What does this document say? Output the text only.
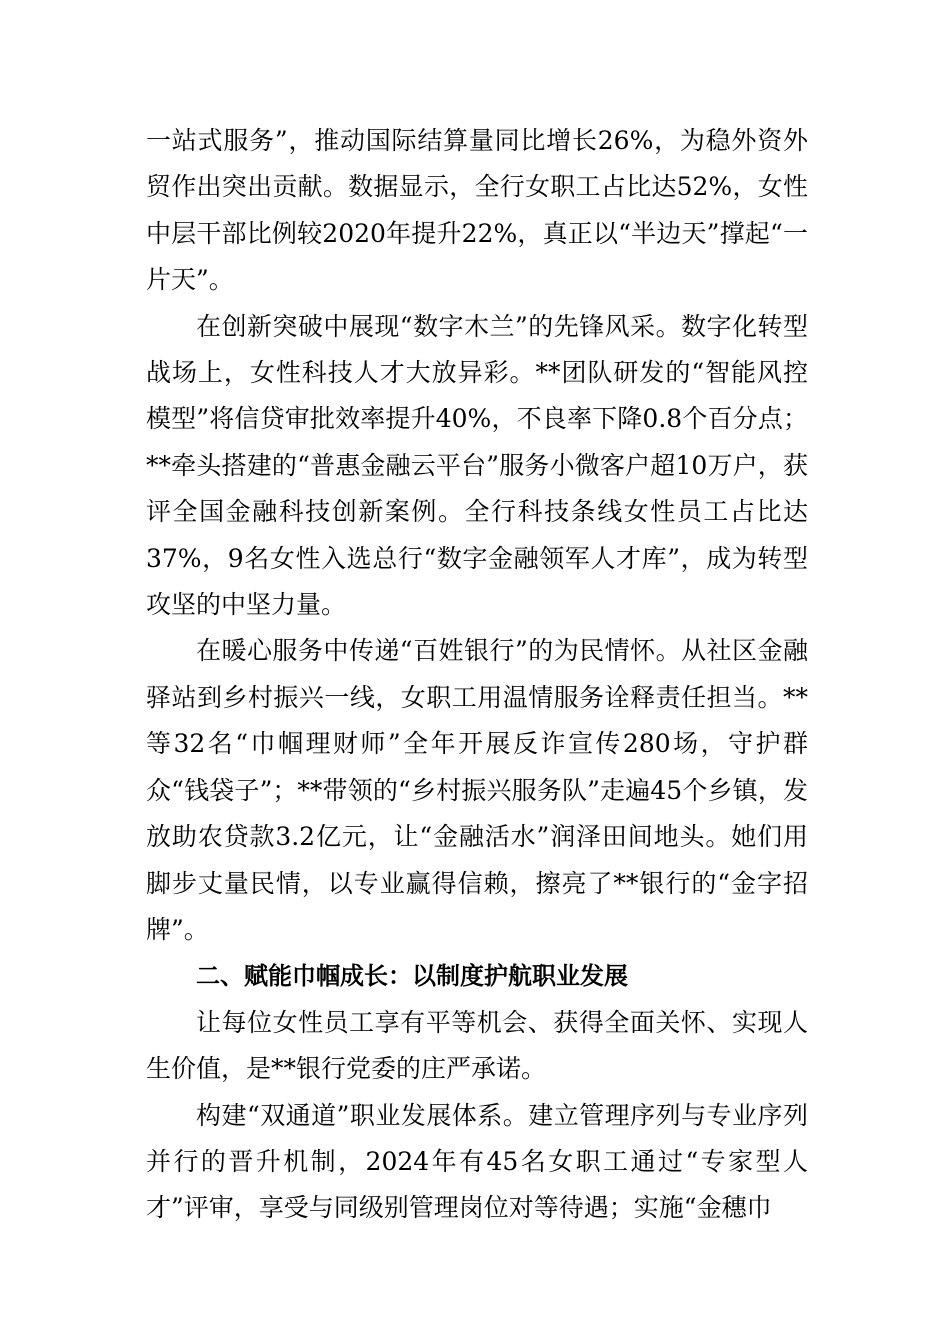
一站式服务”，推动国际结算量同比增长26%，为稳外资外贸作出突出贡献。数据显示，全行女职工占比达52%，女性中层干部比例较2020年提升22%，真正以“半边天”撑起“一片天”。

在创新突破中展现“数字木兰”的先锋风采。数字化转型战场上，女性科技人才大放异彩。**团队研发的“智能风控模型”将信贷审批效率提升40%，不良率下降0.8个百分点；**牵头搭建的“普惠金融云平台”服务小微客户超10万户，获评全国金融科技创新案例。全行科技条线女性员工占比达37%，9名女性入选总行“数字金融领军人才库”，成为转型攻坚的中坚力量。

在暖心服务中传递“百姓银行”的为民情怀。从社区金融驿站到乡村振兴一线，女职工用温情服务诠释责任担当。**等32名“巾帼理财师”全年开展反诈宣传280场，守护群众“钱袋子”；**带领的“乡村振兴服务队”走遍45个乡镇，发放助农贷款3.2亿元，让“金融活水”润泽田间地头。她们用脚步丈量民情，以专业赢得信赖，擦亮了**银行的“金字招牌”。

二、赋能巾帼成长：以制度护航职业发展

让每位女性员工享有平等机会、获得全面关怀、实现人生价值，是**银行党委的庄严承诺。

构建“双通道”职业发展体系。建立管理序列与专业序列并行的晋升机制，2024年有45名女职工通过“专家型人才”评审，享受与同级别管理岗位对等待遇；实施“金穗巾
